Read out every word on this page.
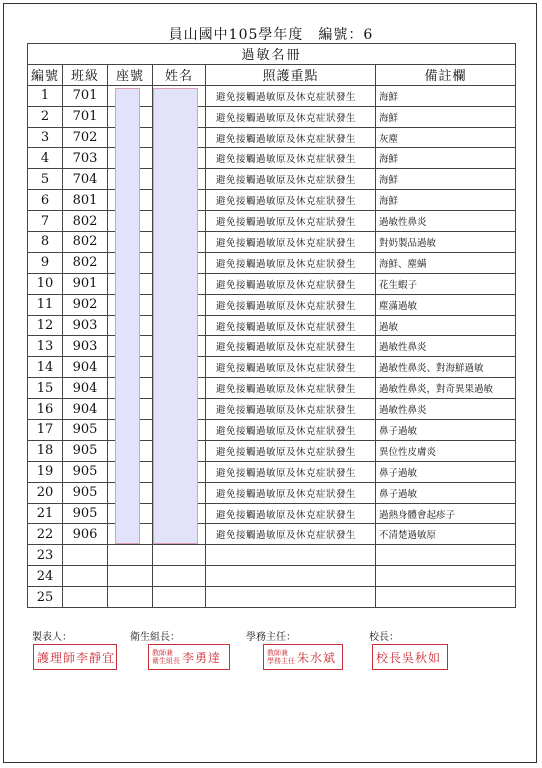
員山國中105學年度　編號：6
過敏名冊					
編號	班級	座號	姓名	照護重點	備註欄
1	701			避免接觸過敏原及休克症狀發生	海鮮
2	701			避免接觸過敏原及休克症狀發生	海鮮
3	702			避免接觸過敏原及休克症狀發生	灰塵
4	703			避免接觸過敏原及休克症狀發生	海鮮
5	704			避免接觸過敏原及休克症狀發生	海鮮
6	801			避免接觸過敏原及休克症狀發生	海鮮
7	802			避免接觸過敏原及休克症狀發生	過敏性鼻炎
8	802			避免接觸過敏原及休克症狀發生	對奶製品過敏
9	802			避免接觸過敏原及休克症狀發生	海鮮、塵螨
10	901			避免接觸過敏原及休克症狀發生	花生蝦子
11	902			避免接觸過敏原及休克症狀發生	塵滿過敏
12	903			避免接觸過敏原及休克症狀發生	過敏
13	903			避免接觸過敏原及休克症狀發生	過敏性鼻炎
14	904			避免接觸過敏原及休克症狀發生	過敏性鼻炎、對海鮮過敏
15	904			避免接觸過敏原及休克症狀發生	過敏性鼻炎，對奇異果過敏
16	904			避免接觸過敏原及休克症狀發生	過敏性鼻炎
17	905			避免接觸過敏原及休克症狀發生	鼻子過敏
18	905			避免接觸過敏原及休克症狀發生	異位性皮膚炎
19	905			避免接觸過敏原及休克症狀發生	鼻子過敏
20	905			避免接觸過敏原及休克症狀發生	鼻子過敏
21	905			避免接觸過敏原及休克症狀發生	過熱身體會起疹子
22	906			避免接觸過敏原及休克症狀發生	不清楚過敏原
23					
24					
25					
製表人：	衛生組長：	學務主任：	校長：
護理師李靜宜	教師兼
衛生組長 李勇達	教師兼
學務主任 朱水斌	校長吳秋如
